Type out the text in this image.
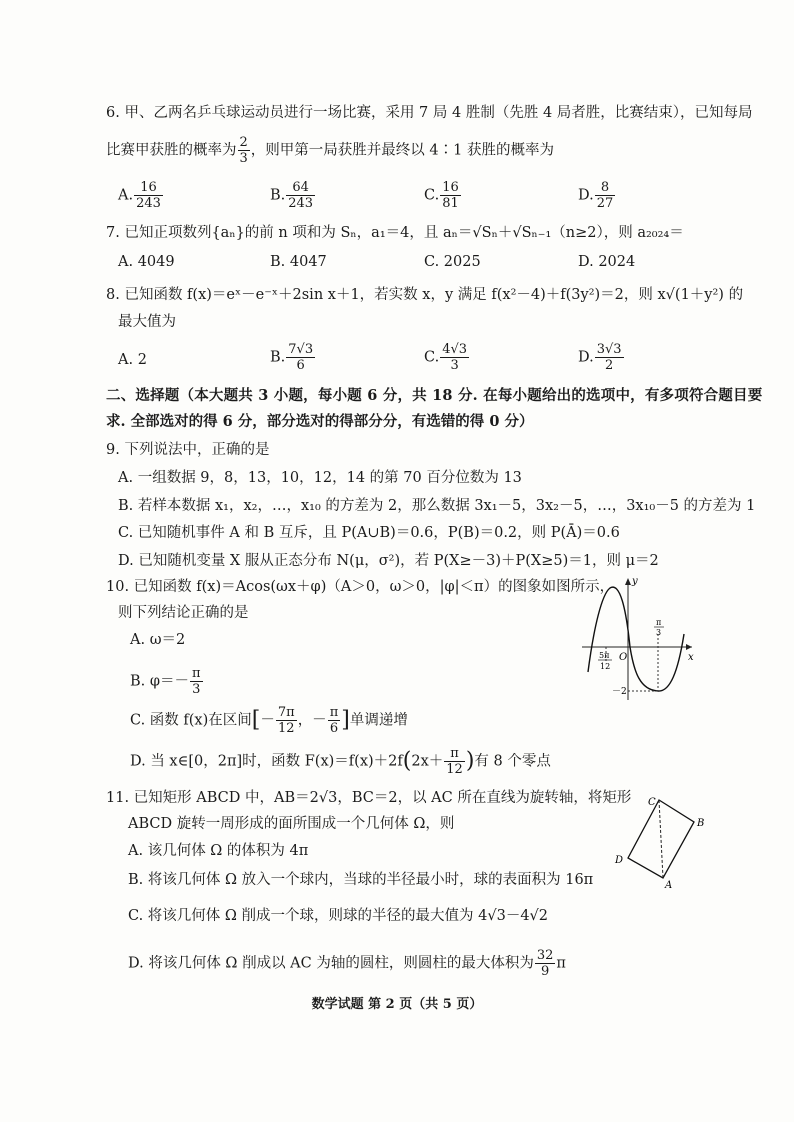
6. 甲、乙两名乒乓球运动员进行一场比赛，采用 7 局 4 胜制（先胜 4 局者胜，比赛结束），已知每局
比赛甲获胜的概率为 $\frac{2}{3}$ ，则甲第一局获胜并最终以 4∶1 获胜的概率为
A. $\frac{16}{243}$	B. $\frac{64}{243}$	C. $\frac{16}{81}$	D. $\frac{8}{27}$
7. 已知正项数列{aₙ}的前 n 项和为 Sₙ，a₁＝4，且 aₙ＝√Sₙ＋√Sₙ₋₁（n≥2），则 a₂₀₂₄＝
A. 4049	B. 4047	C. 2025	D. 2024
8. 已知函数 f(x)＝eˣ－e⁻ˣ＋2sin x＋1，若实数 x，y 满足 f(x²－4)＋f(3y²)＝2，则 x√(1＋y²) 的
最大值为
A. 2	B. $\frac{7√3}{6}$	C. $\frac{4√3}{3}$	D. $\frac{3√3}{2}$
二、选择题（本大题共 3 小题，每小题 6 分，共 18 分. 在每小题给出的选项中，有多项符合题目要
求. 全部选对的得 6 分，部分选对的得部分分，有选错的得 0 分）
9. 下列说法中，正确的是
A. 一组数据 9，8，13，10，12，14 的第 70 百分位数为 13
B. 若样本数据 x₁，x₂，…，x₁₀ 的方差为 2，那么数据 3x₁－5，3x₂－5，…，3x₁₀－5 的方差为 1
C. 已知随机事件 A 和 B 互斥，且 P(A∪B)＝0.6，P(B)＝0.2，则 P(Ā)＝0.6
D. 已知随机变量 X 服从正态分布 N(μ，σ²)，若 P(X≥－3)＋P(X≥5)＝1，则 μ＝2
10. 已知函数 f(x)＝Acos(ωx＋φ)（A＞0，ω＞0，|φ|＜π）的图象如图所示，
则下列结论正确的是
A. ω＝2
B. $\varphi=- \frac{\pi}{3}$
C. 函数 f(x)在区间[－ $\frac{7\pi}{12}$ ，－ $\frac{\pi}{6}$ ]单调递增
D. 当 x∈[0，2π]时，函数 $F(x)=f(x)+2f(2x+ \frac{\pi}{12}$ )有 8 个零点
y
x
O
5π
12
π
3
－2
11. 已知矩形 ABCD 中，AB＝2√3，BC＝2，以 AC 所在直线为旋转轴，将矩形
ABCD 旋转一周形成的面所围成一个几何体 Ω，则
A. 该几何体 Ω 的体积为 4π
B. 将该几何体 Ω 放入一个球内，当球的半径最小时，球的表面积为 16π
C. 将该几何体 Ω 削成一个球，则球的半径的最大值为 4√3－4√2
D. 将该几何体 Ω 削成以 AC 为轴的圆柱，则圆柱的最大体积为 $\frac{32}{9}$ π
C
B
A
D
数学试题 第 2 页（共 5 页）
